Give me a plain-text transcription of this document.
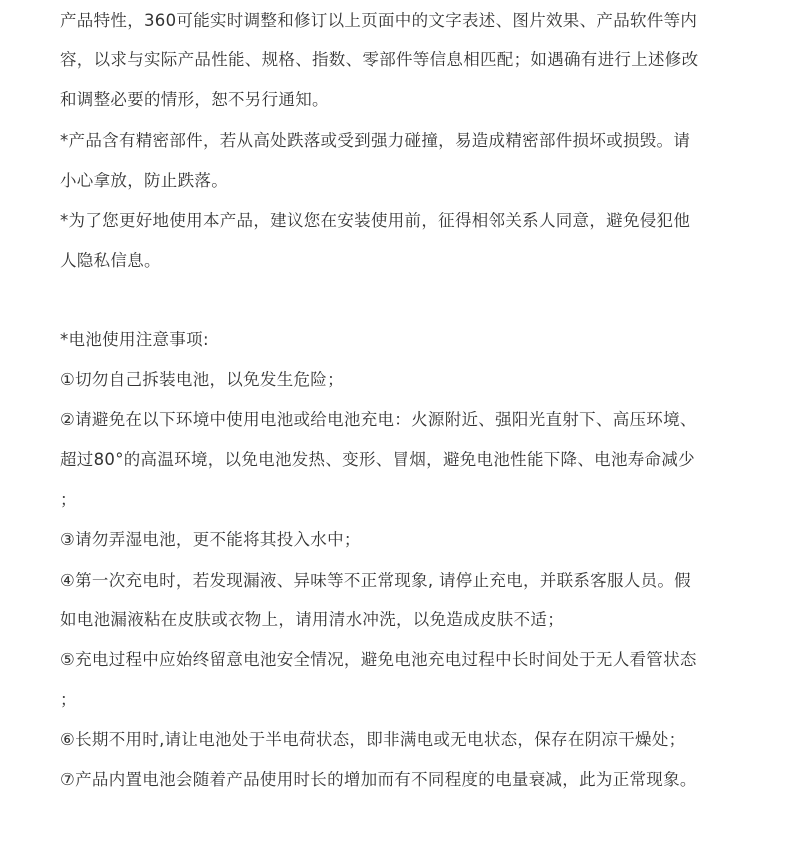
产品特性，360可能实时调整和修订以上页面中的文字表述、图片效果、产品软件等内
容，以求与实际产品性能、规格、指数、零部件等信息相匹配；如遇确有进行上述修改
和调整必要的情形，恕不另行通知。
*产品含有精密部件，若从高处跌落或受到强力碰撞，易造成精密部件损坏或损毁。请
小心拿放，防止跌落。
*为了您更好地使用本产品，建议您在安装使用前，征得相邻关系人同意，避免侵犯他
人隐私信息。
*电池使用注意事项:
①切勿自己拆装电池，以免发生危险；
②请避免在以下环境中使用电池或给电池充电：火源附近、强阳光直射下、高压环境、
超过80°的高温环境，以免电池发热、变形、冒烟，避免电池性能下降、电池寿命减少
；
③请勿弄湿电池，更不能将其投入水中；
④第一次充电时，若发现漏液、异味等不正常现象, 请停止充电，并联系客服人员。假
如电池漏液粘在皮肤或衣物上，请用清水冲洗，以免造成皮肤不适；
⑤充电过程中应始终留意电池安全情况，避免电池充电过程中长时间处于无人看管状态
；
⑥长期不用时,请让电池处于半电荷状态，即非满电或无电状态，保存在阴凉干燥处；
⑦产品内置电池会随着产品使用时长的增加而有不同程度的电量衰减，此为正常现象。
